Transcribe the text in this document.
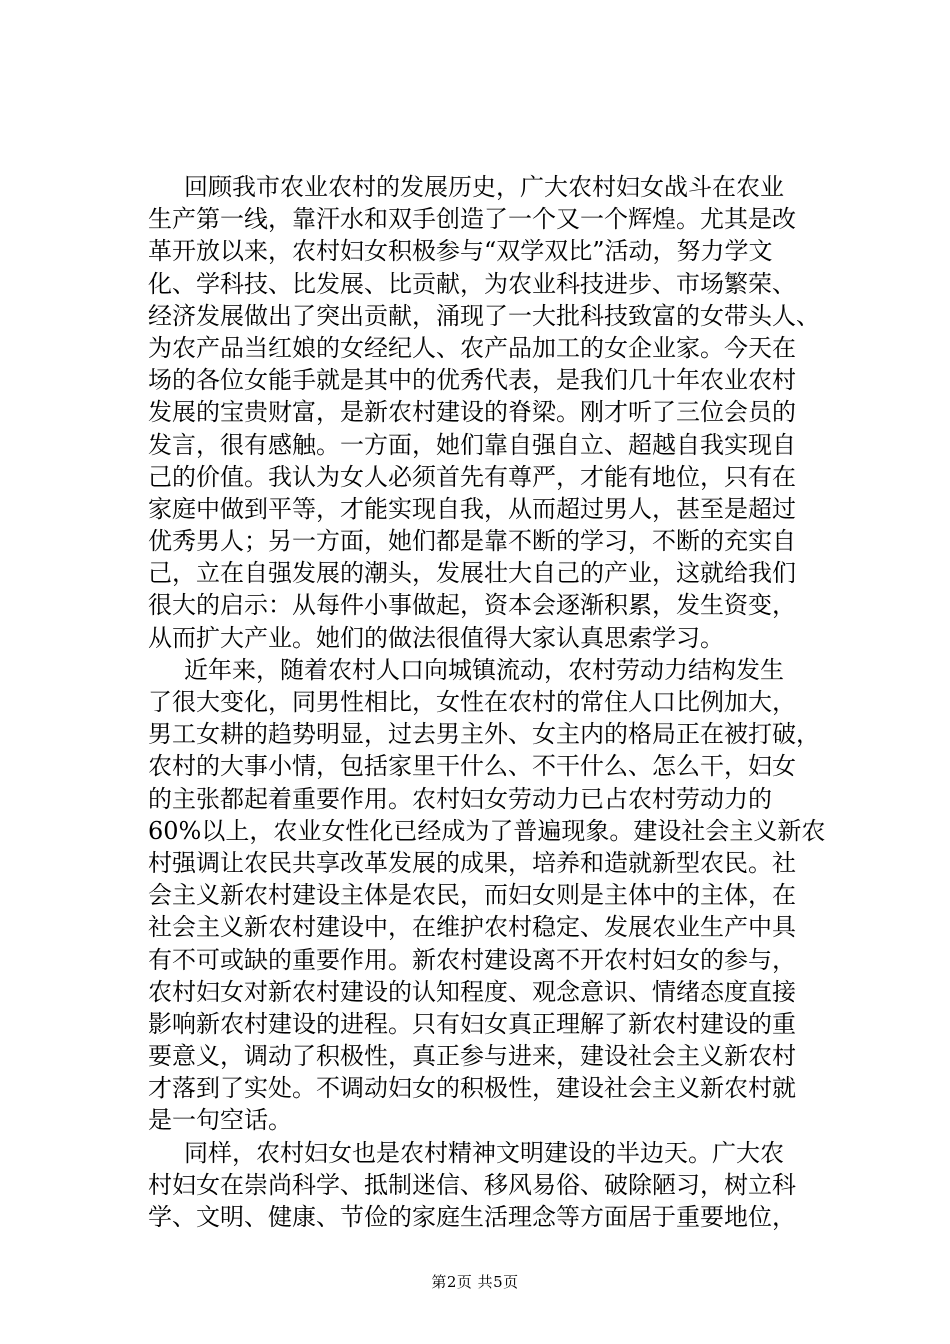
回顾我市农业农村的发展历史，广大农村妇女战斗在农业
生产第一线，靠汗水和双手创造了一个又一个辉煌。尤其是改
革开放以来，农村妇女积极参与“双学双比”活动，努力学文
化、学科技、比发展、比贡献，为农业科技进步、市场繁荣、
经济发展做出了突出贡献，涌现了一大批科技致富的女带头人、
为农产品当红娘的女经纪人、农产品加工的女企业家。今天在
场的各位女能手就是其中的优秀代表，是我们几十年农业农村
发展的宝贵财富，是新农村建设的脊梁。刚才听了三位会员的
发言，很有感触。一方面，她们靠自强自立、超越自我实现自
己的价值。我认为女人必须首先有尊严，才能有地位，只有在
家庭中做到平等，才能实现自我，从而超过男人，甚至是超过
优秀男人；另一方面，她们都是靠不断的学习，不断的充实自
己，立在自强发展的潮头，发展壮大自己的产业，这就给我们
很大的启示：从每件小事做起，资本会逐渐积累，发生资变，
从而扩大产业。她们的做法很值得大家认真思索学习。
近年来，随着农村人口向城镇流动，农村劳动力结构发生
了很大变化，同男性相比，女性在农村的常住人口比例加大，
男工女耕的趋势明显，过去男主外、女主内的格局正在被打破，
农村的大事小情，包括家里干什么、不干什么、怎么干，妇女
的主张都起着重要作用。农村妇女劳动力已占农村劳动力的
60%以上，农业女性化已经成为了普遍现象。建设社会主义新农
村强调让农民共享改革发展的成果，培养和造就新型农民。社
会主义新农村建设主体是农民，而妇女则是主体中的主体，在
社会主义新农村建设中，在维护农村稳定、发展农业生产中具
有不可或缺的重要作用。新农村建设离不开农村妇女的参与，
农村妇女对新农村建设的认知程度、观念意识、情绪态度直接
影响新农村建设的进程。只有妇女真正理解了新农村建设的重
要意义，调动了积极性，真正参与进来，建设社会主义新农村
才落到了实处。不调动妇女的积极性，建设社会主义新农村就
是一句空话。
同样，农村妇女也是农村精神文明建设的半边天。广大农
村妇女在崇尚科学、抵制迷信、移风易俗、破除陋习，树立科
学、文明、健康、节俭的家庭生活理念等方面居于重要地位，
第2页 共5页
